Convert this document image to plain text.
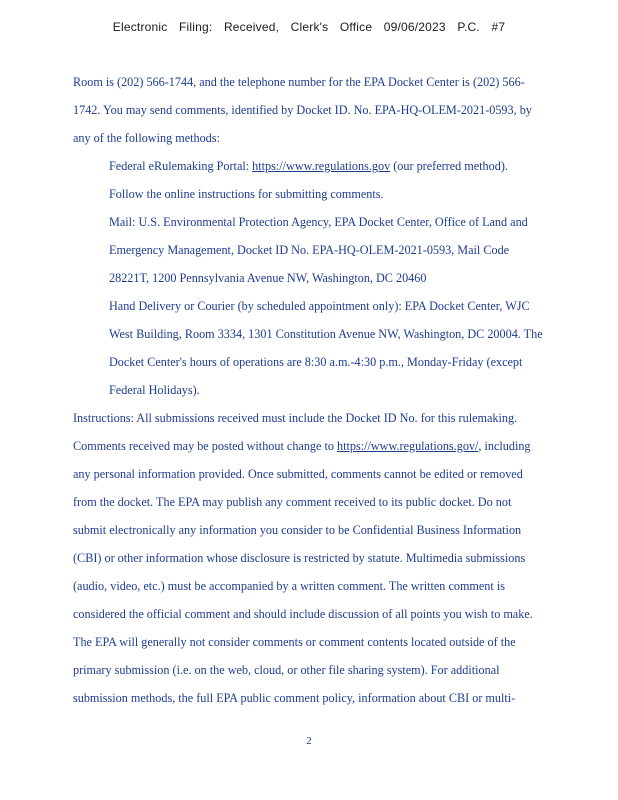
Electronic Filing: Received, Clerk's Office 09/06/2023 P.C. #7
Room is (202) 566-1744, and the telephone number for the EPA Docket Center is (202) 566-
1742. You may send comments, identified by Docket ID. No. EPA-HQ-OLEM-2021-0593, by
any of the following methods:
Federal eRulemaking Portal: https://www.regulations.gov (our preferred method).
Follow the online instructions for submitting comments.
Mail: U.S. Environmental Protection Agency, EPA Docket Center, Office of Land and
Emergency Management, Docket ID No. EPA-HQ-OLEM-2021-0593, Mail Code
28221T, 1200 Pennsylvania Avenue NW, Washington, DC 20460
Hand Delivery or Courier (by scheduled appointment only): EPA Docket Center, WJC
West Building, Room 3334, 1301 Constitution Avenue NW, Washington, DC 20004. The
Docket Center's hours of operations are 8:30 a.m.-4:30 p.m., Monday-Friday (except
Federal Holidays).
Instructions: All submissions received must include the Docket ID No. for this rulemaking.
Comments received may be posted without change to https://www.regulations.gov/, including
any personal information provided. Once submitted, comments cannot be edited or removed
from the docket. The EPA may publish any comment received to its public docket. Do not
submit electronically any information you consider to be Confidential Business Information
(CBI) or other information whose disclosure is restricted by statute. Multimedia submissions
(audio, video, etc.) must be accompanied by a written comment. The written comment is
considered the official comment and should include discussion of all points you wish to make.
The EPA will generally not consider comments or comment contents located outside of the
primary submission (i.e. on the web, cloud, or other file sharing system). For additional
submission methods, the full EPA public comment policy, information about CBI or multi-
2
